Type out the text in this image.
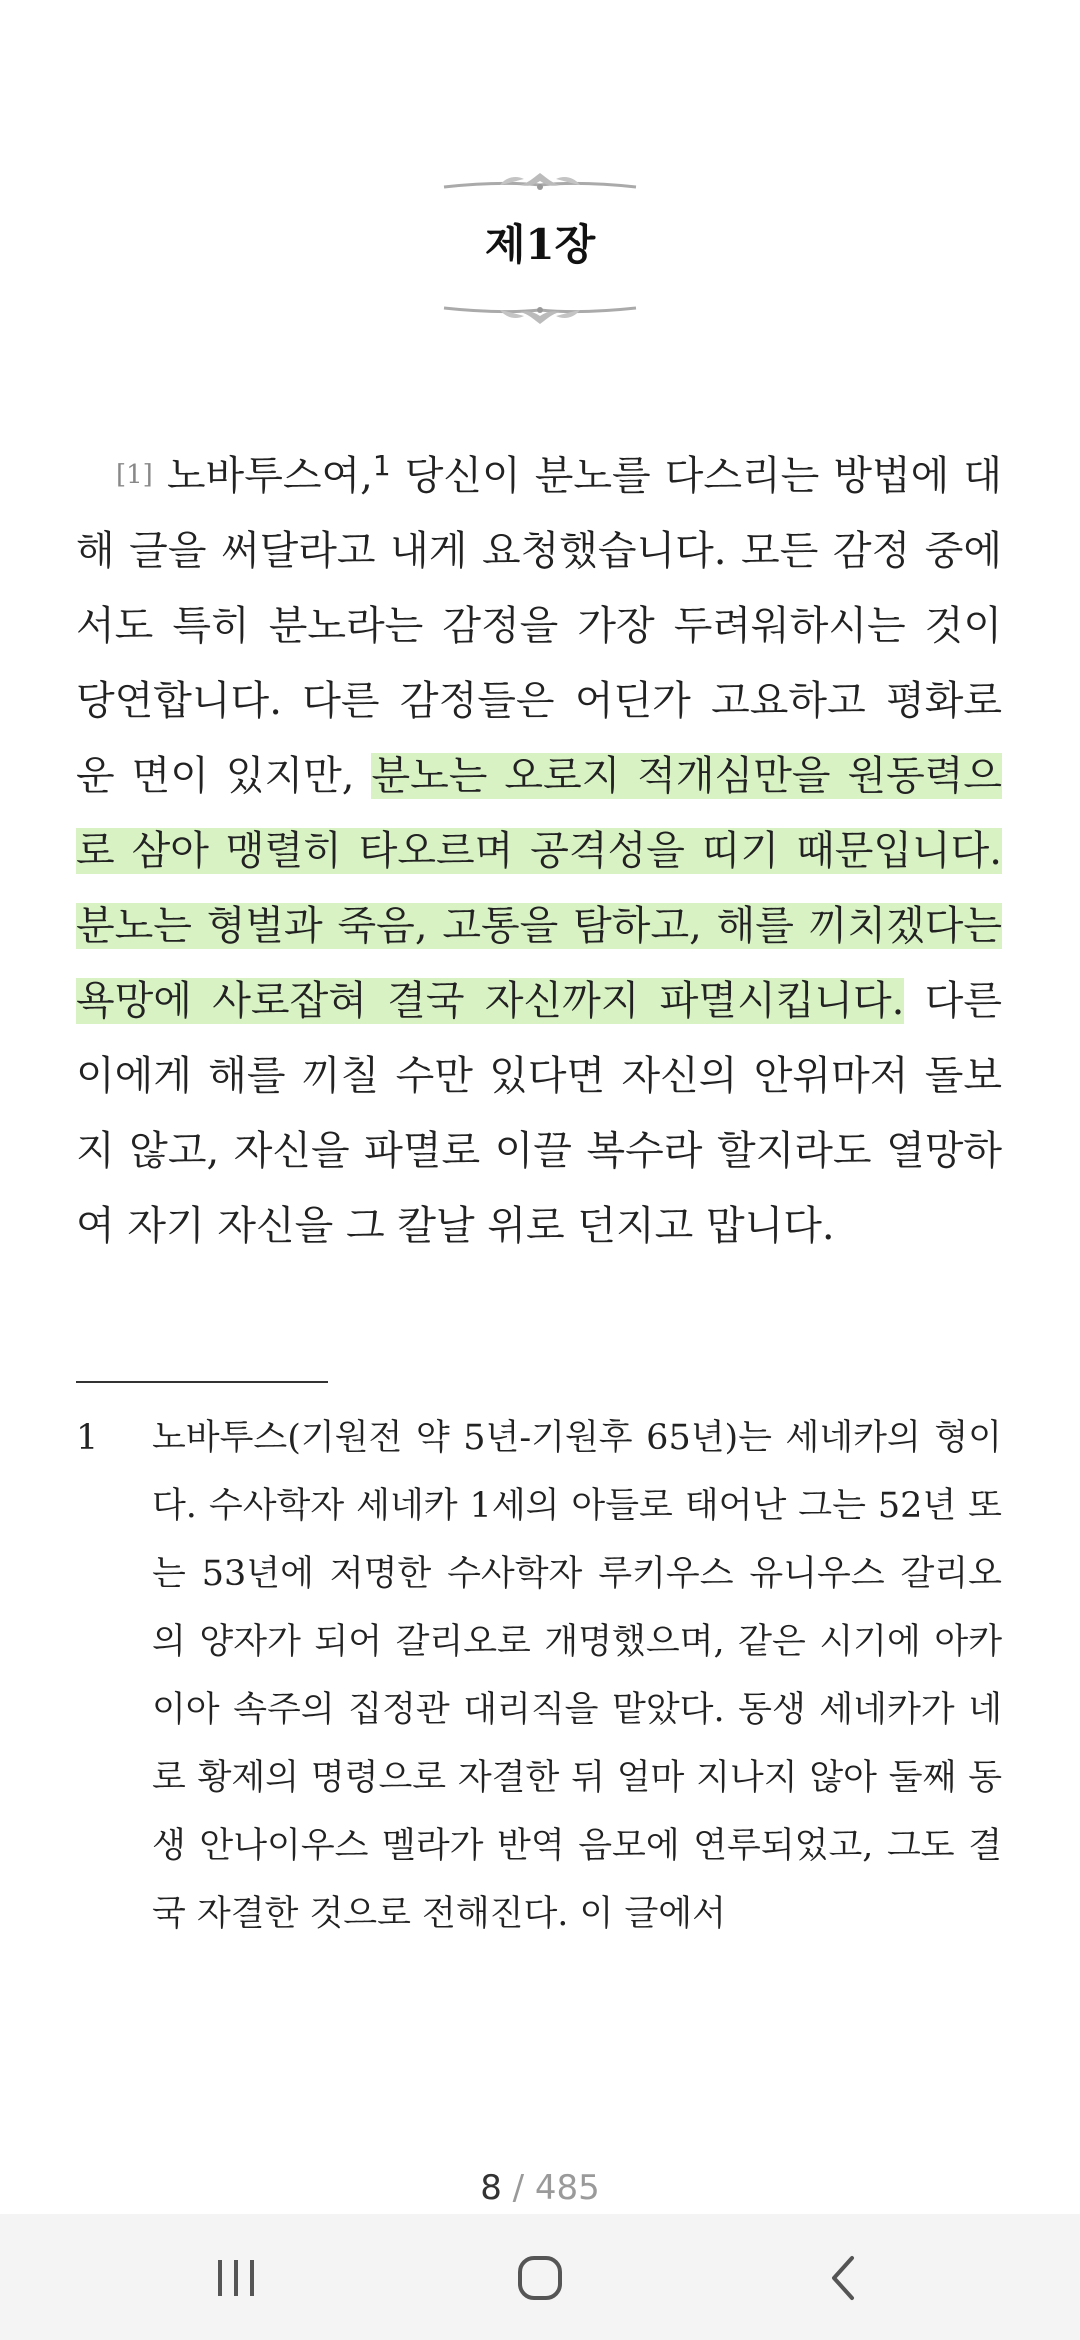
제1장

[1] 노바투스여,$^1$ 당신이 분노를 다스리는 방법에 대해 글을 써달라고 내게 요청했습니다. 모든 감정 중에서도 특히 분노라는 감정을 가장 두려워하시는 것이 당연합니다. 다른 감정들은 어딘가 고요하고 평화로운 면이 있지만, 분노는 오로지 적개심만을 원동력으로 삼아 맹렬히 타오르며 공격성을 띠기 때문입니다. 분노는 형벌과 죽음, 고통을 탐하고, 해를 끼치겠다는 욕망에 사로잡혀 결국 자신까지 파멸시킵니다. 다른 이에게 해를 끼칠 수만 있다면 자신의 안위마저 돌보지 않고, 자신을 파멸로 이끌 복수라 할지라도 열망하여 자기 자신을 그 칼날 위로 던지고 맙니다.

1	노바투스(기원전 약 5년-기원후 65년)는 세네카의 형이다. 수사학자 세네카 1세의 아들로 태어난 그는 52년 또는 53년에 저명한 수사학자 루키우스 유니우스 갈리오의 양자가 되어 갈리오로 개명했으며, 같은 시기에 아카이아 속주의 집정관 대리직을 맡았다. 동생 세네카가 네로 황제의 명령으로 자결한 뒤 얼마 지나지 않아 둘째 동생 안나이우스 멜라가 반역 음모에 연루되었고, 그도 결국 자결한 것으로 전해진다. 이 글에서
8 / 485
